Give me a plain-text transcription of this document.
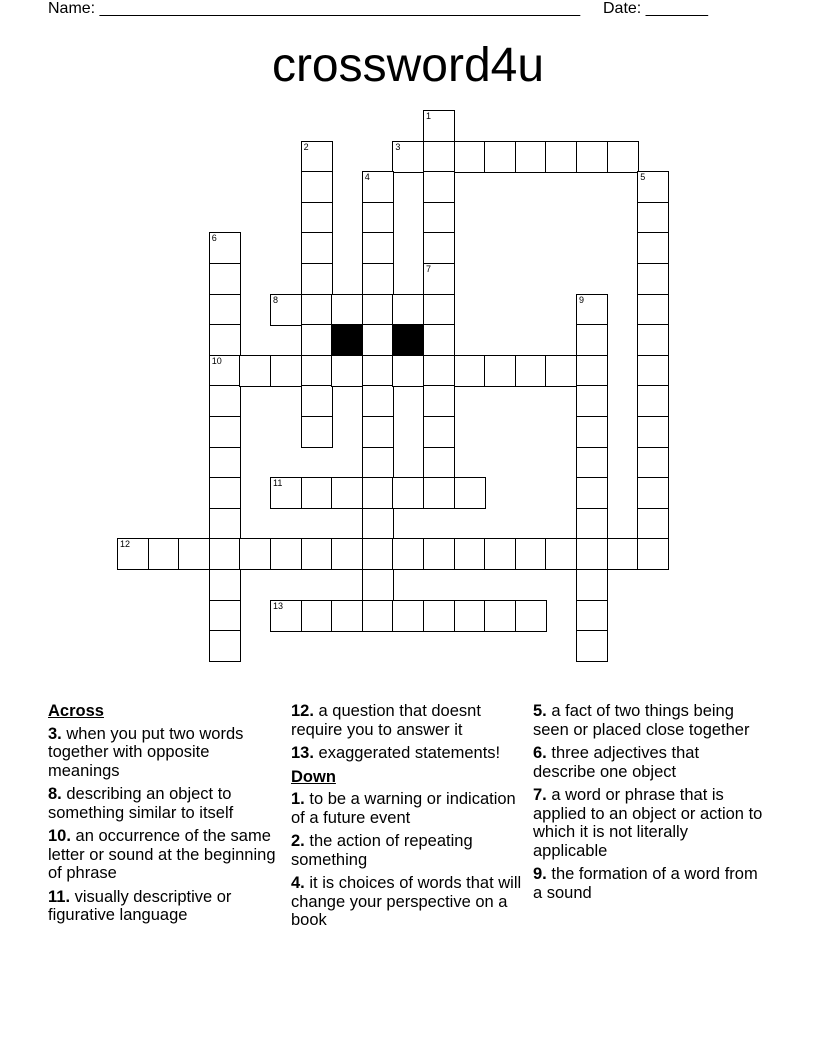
Name: ______________________________________________________ Date: _______
crossword4u
1
7
2	3
4	5
6
10
8	9
11
12
13
Across
3. when you put two words together with opposite meanings
8. describing an object to something similar to itself
10. an occurrence of the same letter or sound at the beginning of phrase
11. visually descriptive or figurative language
12. a question that doesnt require you to answer it
13. exaggerated statements!
Down
1. to be a warning or indication of a future event
2. the action of repeating something
4. it is choices of words that will change your perspective on a book
5. a fact of two things being seen or placed close together
6. three adjectives that describe one object
7. a word or phrase that is applied to an object or action to which it is not literally applicable
9. the formation of a word from a sound
